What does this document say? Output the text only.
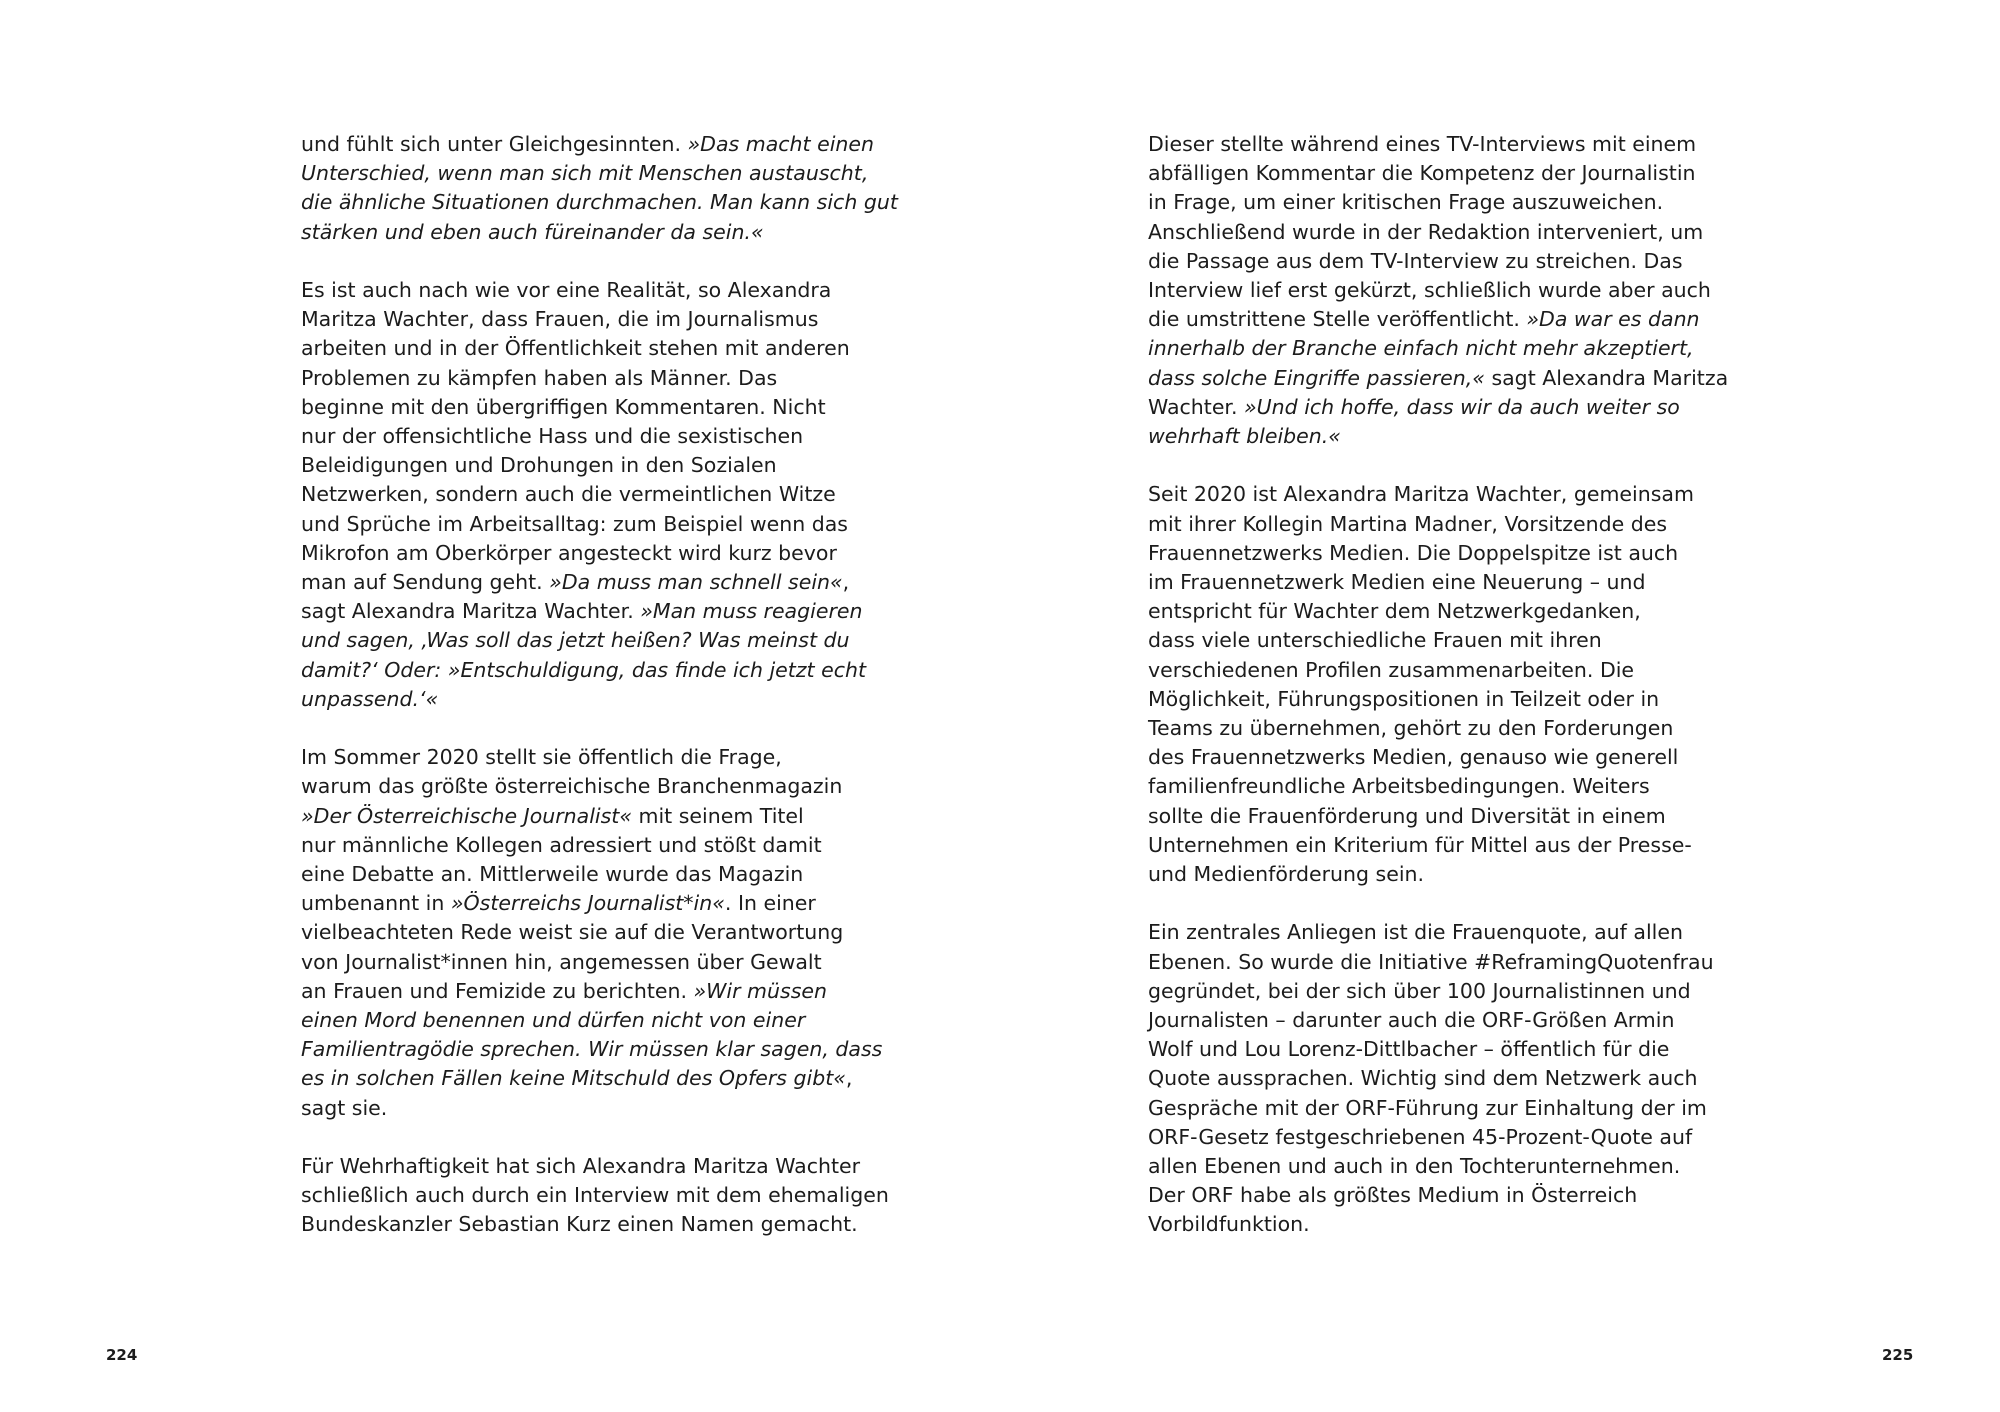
und fühlt sich unter Gleichgesinnten. »Das macht einen
Unterschied, wenn man sich mit Menschen austauscht,
die ähnliche Situationen durchmachen. Man kann sich gut
stärken und eben auch füreinander da sein.«

Es ist auch nach wie vor eine Realität, so Alexandra
Maritza Wachter, dass Frauen, die im Journalismus
arbeiten und in der Öffentlichkeit stehen mit anderen
Problemen zu kämpfen haben als Männer. Das
beginne mit den übergriffigen Kommentaren. Nicht
nur der offensichtliche Hass und die sexistischen
Beleidigungen und Drohungen in den Sozialen
Netzwerken, sondern auch die vermeintlichen Witze
und Sprüche im Arbeitsalltag: zum Beispiel wenn das
Mikrofon am Oberkörper angesteckt wird kurz bevor
man auf Sendung geht. »Da muss man schnell sein«,
sagt Alexandra Maritza Wachter. »Man muss reagieren
und sagen, ‚Was soll das jetzt heißen? Was meinst du
damit?‘ Oder: »Entschuldigung, das finde ich jetzt echt
unpassend.‘«

Im Sommer 2020 stellt sie öffentlich die Frage,
warum das größte österreichische Branchenmagazin
»Der Österreichische Journalist« mit seinem Titel
nur männliche Kollegen adressiert und stößt damit
eine Debatte an. Mittlerweile wurde das Magazin
umbenannt in »Österreichs Journalist*in«. In einer
vielbeachteten Rede weist sie auf die Verantwortung
von Journalist*innen hin, angemessen über Gewalt
an Frauen und Femizide zu berichten. »Wir müssen
einen Mord benennen und dürfen nicht von einer
Familientragödie sprechen. Wir müssen klar sagen, dass
es in solchen Fällen keine Mitschuld des Opfers gibt«,
sagt sie.

Für Wehrhaftigkeit hat sich Alexandra Maritza Wachter
schließlich auch durch ein Interview mit dem ehemaligen
Bundeskanzler Sebastian Kurz einen Namen gemacht.

Dieser stellte während eines TV-Interviews mit einem
abfälligen Kommentar die Kompetenz der Journalistin
in Frage, um einer kritischen Frage auszuweichen.
Anschließend wurde in der Redaktion interveniert, um
die Passage aus dem TV-Interview zu streichen. Das
Interview lief erst gekürzt, schließlich wurde aber auch
die umstrittene Stelle veröffentlicht. »Da war es dann
innerhalb der Branche einfach nicht mehr akzeptiert,
dass solche Eingriffe passieren,« sagt Alexandra Maritza
Wachter. »Und ich hoffe, dass wir da auch weiter so
wehrhaft bleiben.«

Seit 2020 ist Alexandra Maritza Wachter, gemeinsam
mit ihrer Kollegin Martina Madner, Vorsitzende des
Frauennetzwerks Medien. Die Doppelspitze ist auch
im Frauennetzwerk Medien eine Neuerung – und
entspricht für Wachter dem Netzwerkgedanken,
dass viele unterschiedliche Frauen mit ihren
verschiedenen Profilen zusammenarbeiten. Die
Möglichkeit, Führungspositionen in Teilzeit oder in
Teams zu übernehmen, gehört zu den Forderungen
des Frauennetzwerks Medien, genauso wie generell
familienfreundliche Arbeitsbedingungen. Weiters
sollte die Frauenförderung und Diversität in einem
Unternehmen ein Kriterium für Mittel aus der Presse-
und Medienförderung sein.

Ein zentrales Anliegen ist die Frauenquote, auf allen
Ebenen. So wurde die Initiative #ReframingQuotenfrau
gegründet, bei der sich über 100 Journalistinnen und
Journalisten – darunter auch die ORF-Größen Armin
Wolf und Lou Lorenz-Dittlbacher – öffentlich für die
Quote aussprachen. Wichtig sind dem Netzwerk auch
Gespräche mit der ORF-Führung zur Einhaltung der im
ORF-Gesetz festgeschriebenen 45-Prozent-Quote auf
allen Ebenen und auch in den Tochterunternehmen.
Der ORF habe als größtes Medium in Österreich
Vorbildfunktion.

224	225
